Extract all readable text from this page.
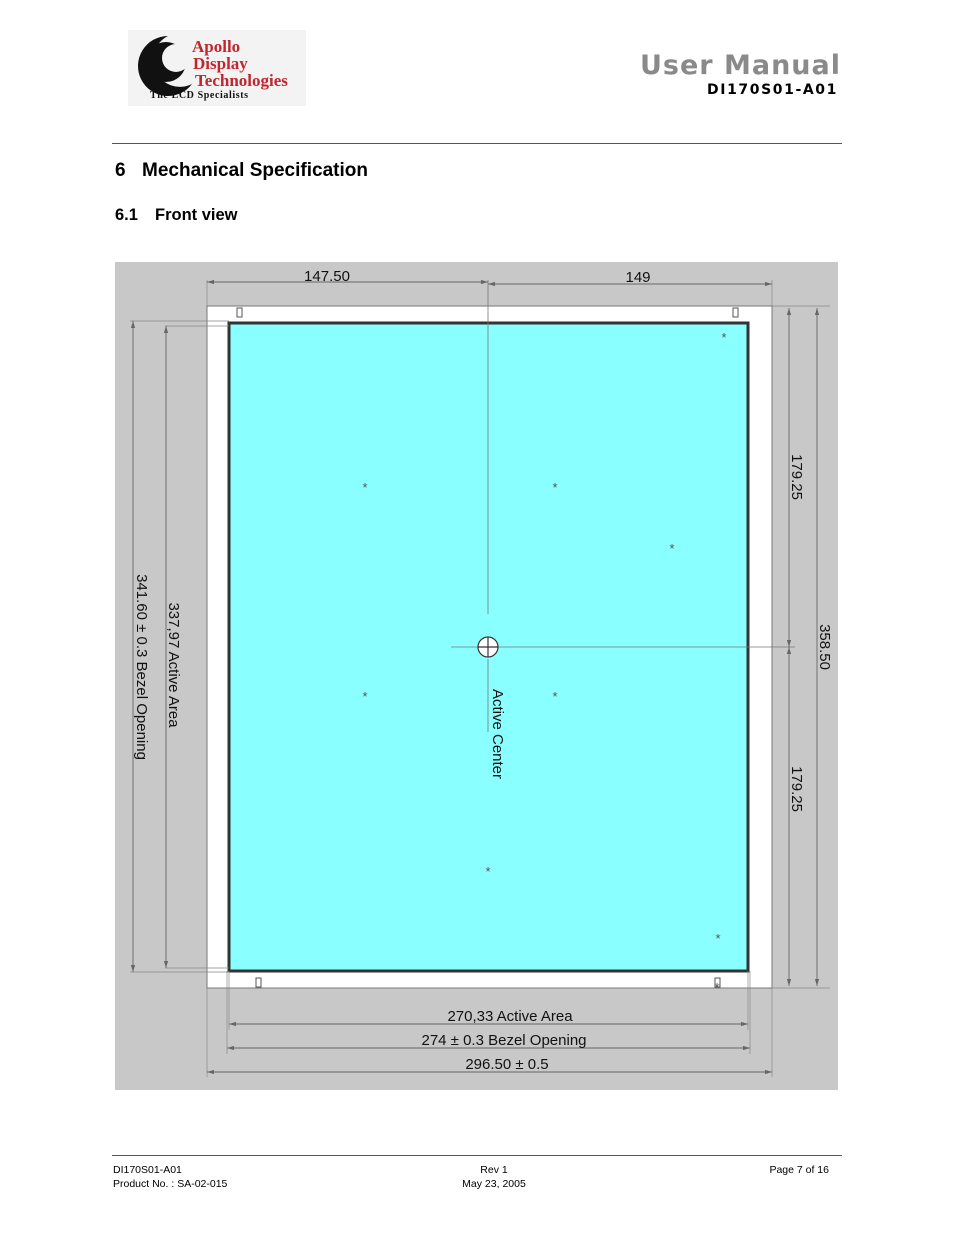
Apollo
Display
Technologies
The LCD Specialists
User Manual
DI170S01-A01
6 Mechanical Specification
6.1 Front view
*
*	*
*
*	*
*
*
*
147.50	149
341.60 ± 0.3 Bezel Opening 337,97 Active Area
179.25
179.25
358.50
Active Center
270,33 Active Area
274 ± 0.3 Bezel Opening
296.50 ± 0.5
DI170S01-A01
Product No. : SA-02-015
Rev 1
May 23, 2005
Page 7 of 16
